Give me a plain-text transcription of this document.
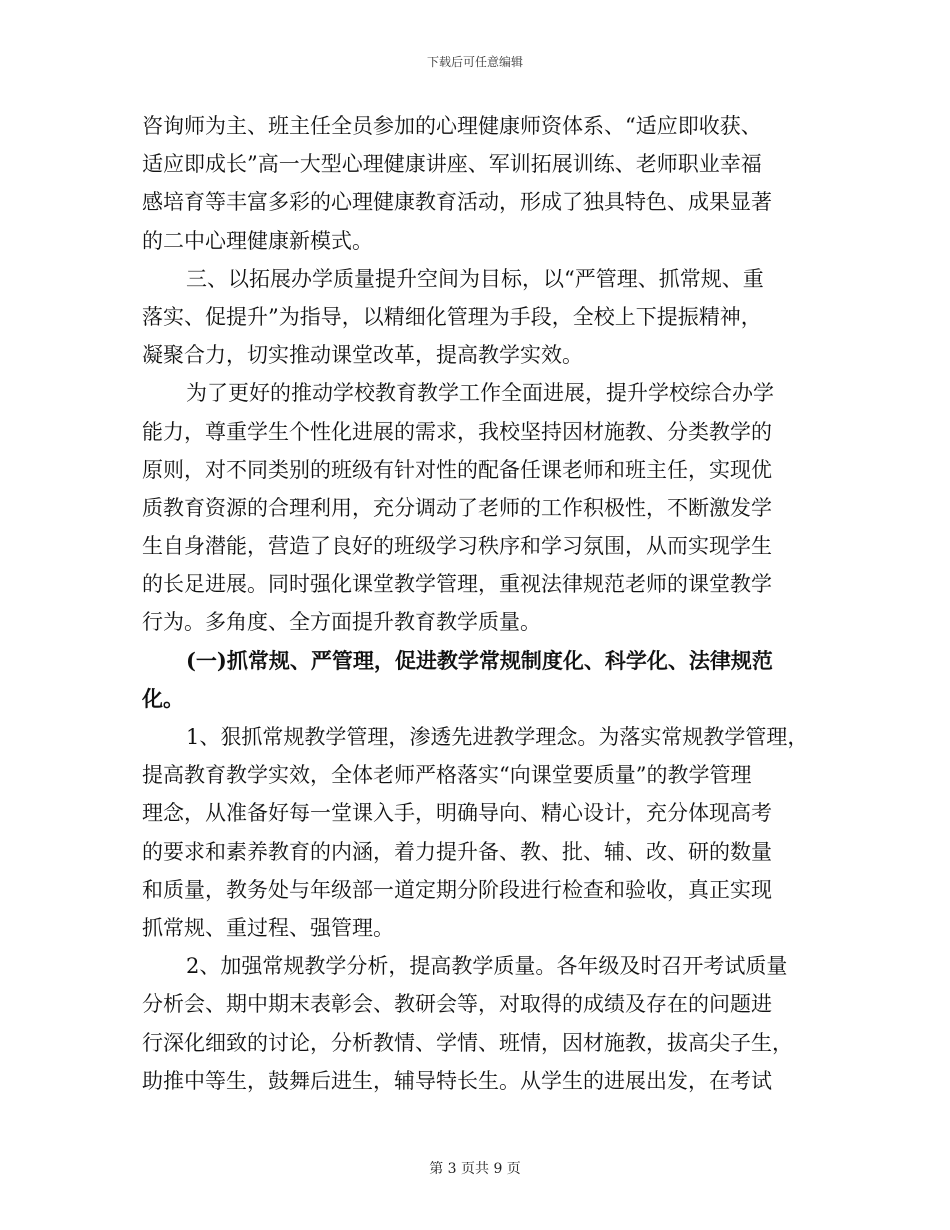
下载后可任意编辑
咨询师为主、班主任全员参加的心理健康师资体系、“适应即收获、
适应即成长”高一大型心理健康讲座、军训拓展训练、老师职业幸福
感培育等丰富多彩的心理健康教育活动，形成了独具特色、成果显著
的二中心理健康新模式。
三、以拓展办学质量提升空间为目标，以“严管理、抓常规、重
落实、促提升”为指导，以精细化管理为手段，全校上下提振精神，
凝聚合力，切实推动课堂改革，提高教学实效。
为了更好的推动学校教育教学工作全面进展，提升学校综合办学
能力，尊重学生个性化进展的需求，我校坚持因材施教、分类教学的
原则，对不同类别的班级有针对性的配备任课老师和班主任，实现优
质教育资源的合理利用，充分调动了老师的工作积极性，不断激发学
生自身潜能，营造了良好的班级学习秩序和学习氛围，从而实现学生
的长足进展。同时强化课堂教学管理，重视法律规范老师的课堂教学
行为。多角度、全方面提升教育教学质量。
(一)抓常规、严管理，促进教学常规制度化、科学化、法律规范
化。
1、狠抓常规教学管理，渗透先进教学理念。为落实常规教学管理，
提高教育教学实效，全体老师严格落实“向课堂要质量”的教学管理
理念，从准备好每一堂课入手，明确导向、精心设计，充分体现高考
的要求和素养教育的内涵，着力提升备、教、批、辅、改、研的数量
和质量，教务处与年级部一道定期分阶段进行检查和验收，真正实现
抓常规、重过程、强管理。
2、加强常规教学分析，提高教学质量。各年级及时召开考试质量
分析会、期中期末表彰会、教研会等，对取得的成绩及存在的问题进
行深化细致的讨论，分析教情、学情、班情，因材施教，拔高尖子生，
助推中等生，鼓舞后进生，辅导特长生。从学生的进展出发，在考试
第 3 页共 9 页
